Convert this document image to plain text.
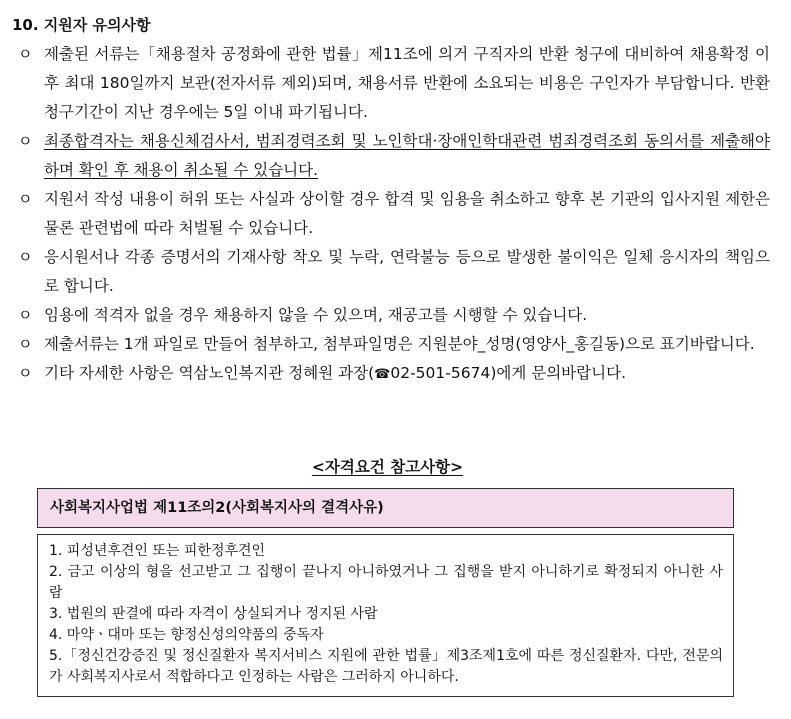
10. 지원자 유의사항
ㅇ 제출된 서류는「채용절차 공정화에 관한 법률」제11조에 의거 구직자의 반환 청구에 대비하여 채용확정 이후 최대 180일까지 보관(전자서류 제외)되며, 채용서류 반환에 소요되는 비용은 구인자가 부담합니다. 반환 청구기간이 지난 경우에는 5일 이내 파기됩니다.
ㅇ 최종합격자는 채용신체검사서, 범죄경력조회 및 노인학대·장애인학대관련 범죄경력조회 동의서를 제출해야 하며 확인 후 채용이 취소될 수 있습니다.
ㅇ 지원서 작성 내용이 허위 또는 사실과 상이할 경우 합격 및 임용을 취소하고 향후 본 기관의 입사지원 제한은 물론 관련법에 따라 처벌될 수 있습니다.
ㅇ 응시원서나 각종 증명서의 기재사항 착오 및 누락, 연락불능 등으로 발생한 불이익은 일체 응시자의 책임으로 합니다.
ㅇ 임용에 적격자 없을 경우 채용하지 않을 수 있으며, 재공고를 시행할 수 있습니다.
ㅇ 제출서류는 1개 파일로 만들어 첨부하고, 첨부파일명은 지원분야_성명(영양사_홍길동)으로 표기바랍니다.
ㅇ 기타 자세한 사항은 역삼노인복지관 정혜원 과장(☎02-501-5674)에게 문의바랍니다.
<자격요건 참고사항>
사회복지사업법 제11조의2(사회복지사의 결격사유)
1. 피성년후견인 또는 피한정후견인
2. 금고 이상의 형을 선고받고 그 집행이 끝나지 아니하였거나 그 집행을 받지 아니하기로 확정되지 아니한 사람
3. 법원의 판결에 따라 자격이 상실되거나 정지된 사람
4. 마약ㆍ대마 또는 향정신성의약품의 중독자
5.「정신건강증진 및 정신질환자 복지서비스 지원에 관한 법률」제3조제1호에 따른 정신질환자. 다만, 전문의가 사회복지사로서 적합하다고 인정하는 사람은 그러하지 아니하다.
